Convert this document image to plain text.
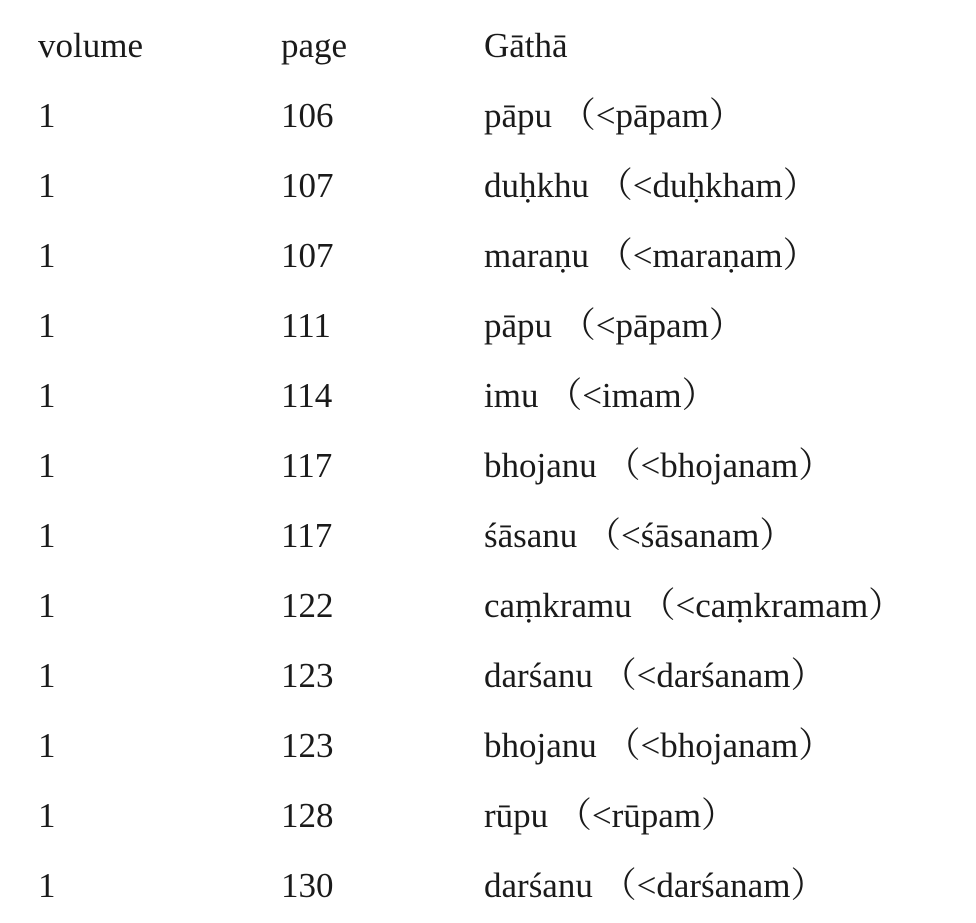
volume	page	Gāthā
1	106	pāpu （<pāpam）
1	107	duḥkhu （<duḥkham）
1	107	maraṇu （<maraṇam）
1	111	pāpu （<pāpam）
1	114	imu （<imam）
1	117	bhojanu （<bhojanam）
1	117	śāsanu （<śāsanam）
1	122	caṃkramu （<caṃkramam）
1	123	darśanu （<darśanam）
1	123	bhojanu （<bhojanam）
1	128	rūpu （<rūpam）
1	130	darśanu （<darśanam）
